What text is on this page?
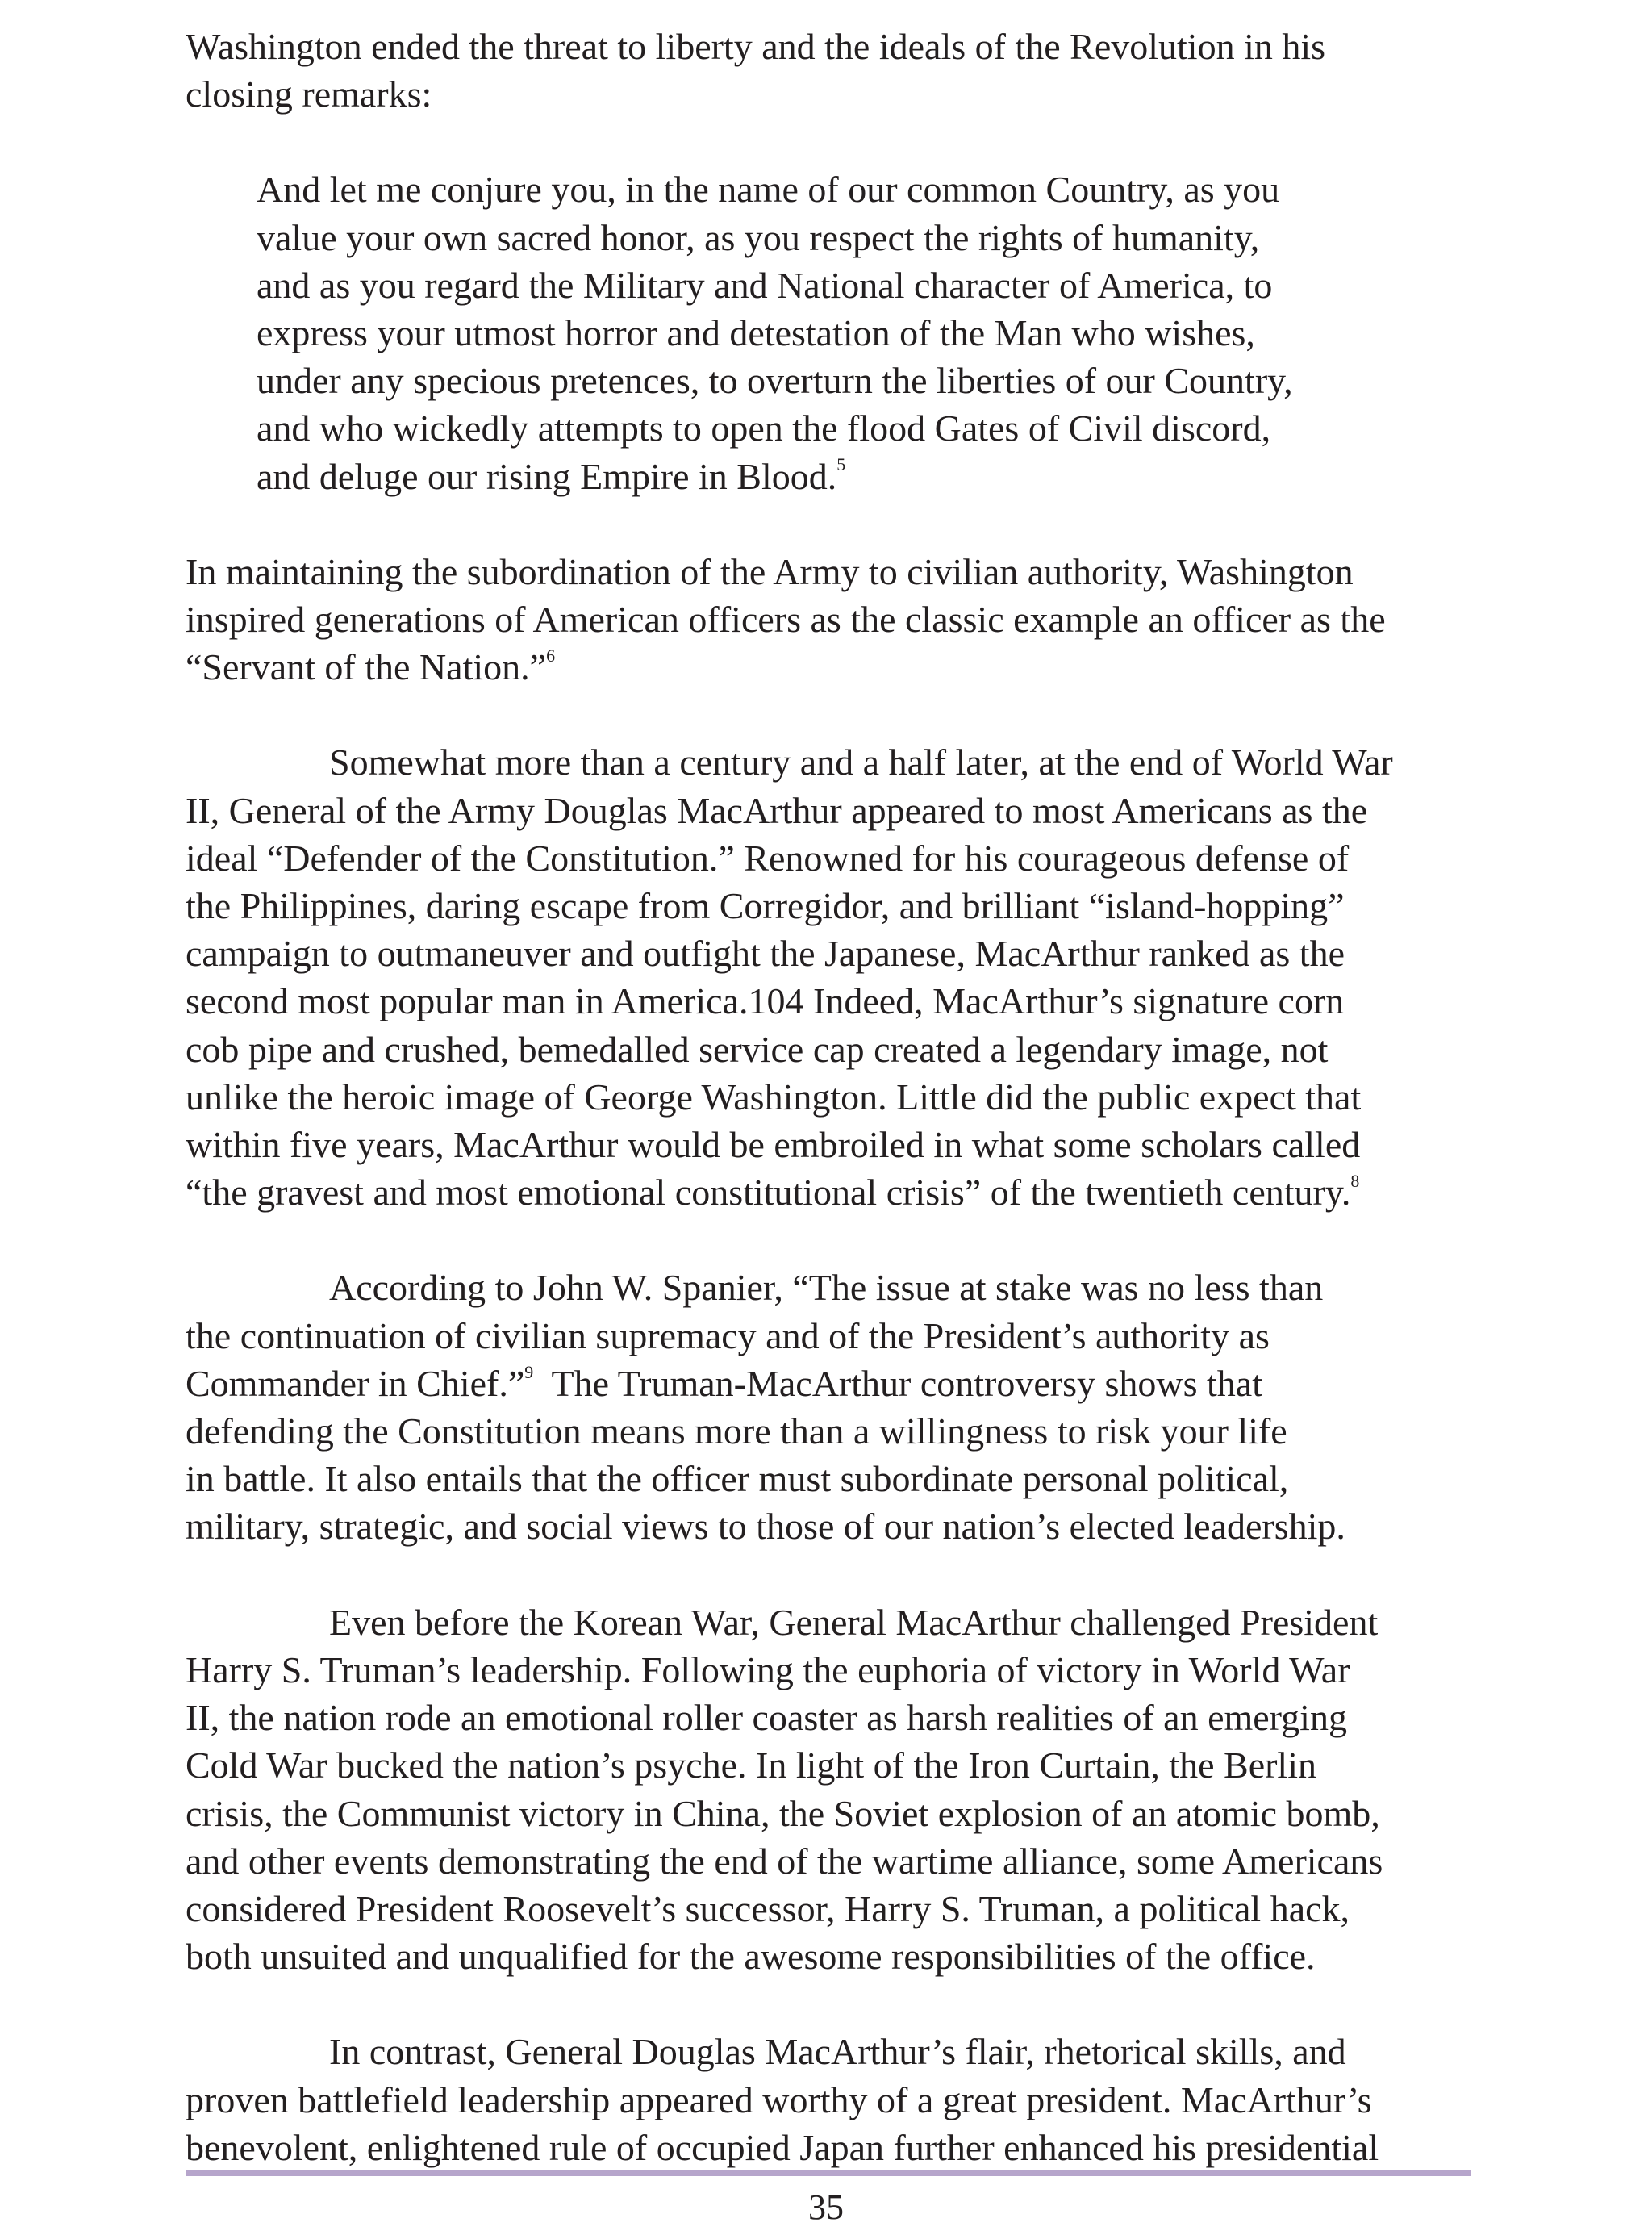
Washington ended the threat to liberty and the ideals of the Revolution in his
closing remarks:

And let me conjure you, in the name of our common Country, as you
value your own sacred honor, as you respect the rights of humanity,
and as you regard the Military and National character of America, to
express your utmost horror and detestation of the Man who wishes,
under any specious pretences, to overturn the liberties of our Country,
and who wickedly attempts to open the flood Gates of Civil discord,
and deluge our rising Empire in Blood.$^5$

In maintaining the subordination of the Army to civilian authority, Washington
inspired generations of American officers as the classic example an officer as the
“Servant of the Nation.”$^6$

Somewhat more than a century and a half later, at the end of World War
II, General of the Army Douglas MacArthur appeared to most Americans as the
ideal “Defender of the Constitution.” Renowned for his courageous defense of
the Philippines, daring escape from Corregidor, and brilliant “island-hopping”
campaign to outmaneuver and outfight the Japanese, MacArthur ranked as the
second most popular man in America.104 Indeed, MacArthur’s signature corn
cob pipe and crushed, bemedalled service cap created a legendary image, not
unlike the heroic image of George Washington. Little did the public expect that
within five years, MacArthur would be embroiled in what some scholars called
“the gravest and most emotional constitutional crisis” of the twentieth century.$^8$

According to John W. Spanier, “The issue at stake was no less than
the continuation of civilian supremacy and of the President’s authority as
Commander in Chief.”$^9$  The Truman-MacArthur controversy shows that
defending the Constitution means more than a willingness to risk your life
in battle. It also entails that the officer must subordinate personal political,
military, strategic, and social views to those of our nation’s elected leadership.

Even before the Korean War, General MacArthur challenged President
Harry S. Truman’s leadership. Following the euphoria of victory in World War
II, the nation rode an emotional roller coaster as harsh realities of an emerging
Cold War bucked the nation’s psyche. In light of the Iron Curtain, the Berlin
crisis, the Communist victory in China, the Soviet explosion of an atomic bomb,
and other events demonstrating the end of the wartime alliance, some Americans
considered President Roosevelt’s successor, Harry S. Truman, a political hack,
both unsuited and unqualified for the awesome responsibilities of the office.

In contrast, General Douglas MacArthur’s flair, rhetorical skills, and
proven battlefield leadership appeared worthy of a great president. MacArthur’s
benevolent, enlightened rule of occupied Japan further enhanced his presidential

35
